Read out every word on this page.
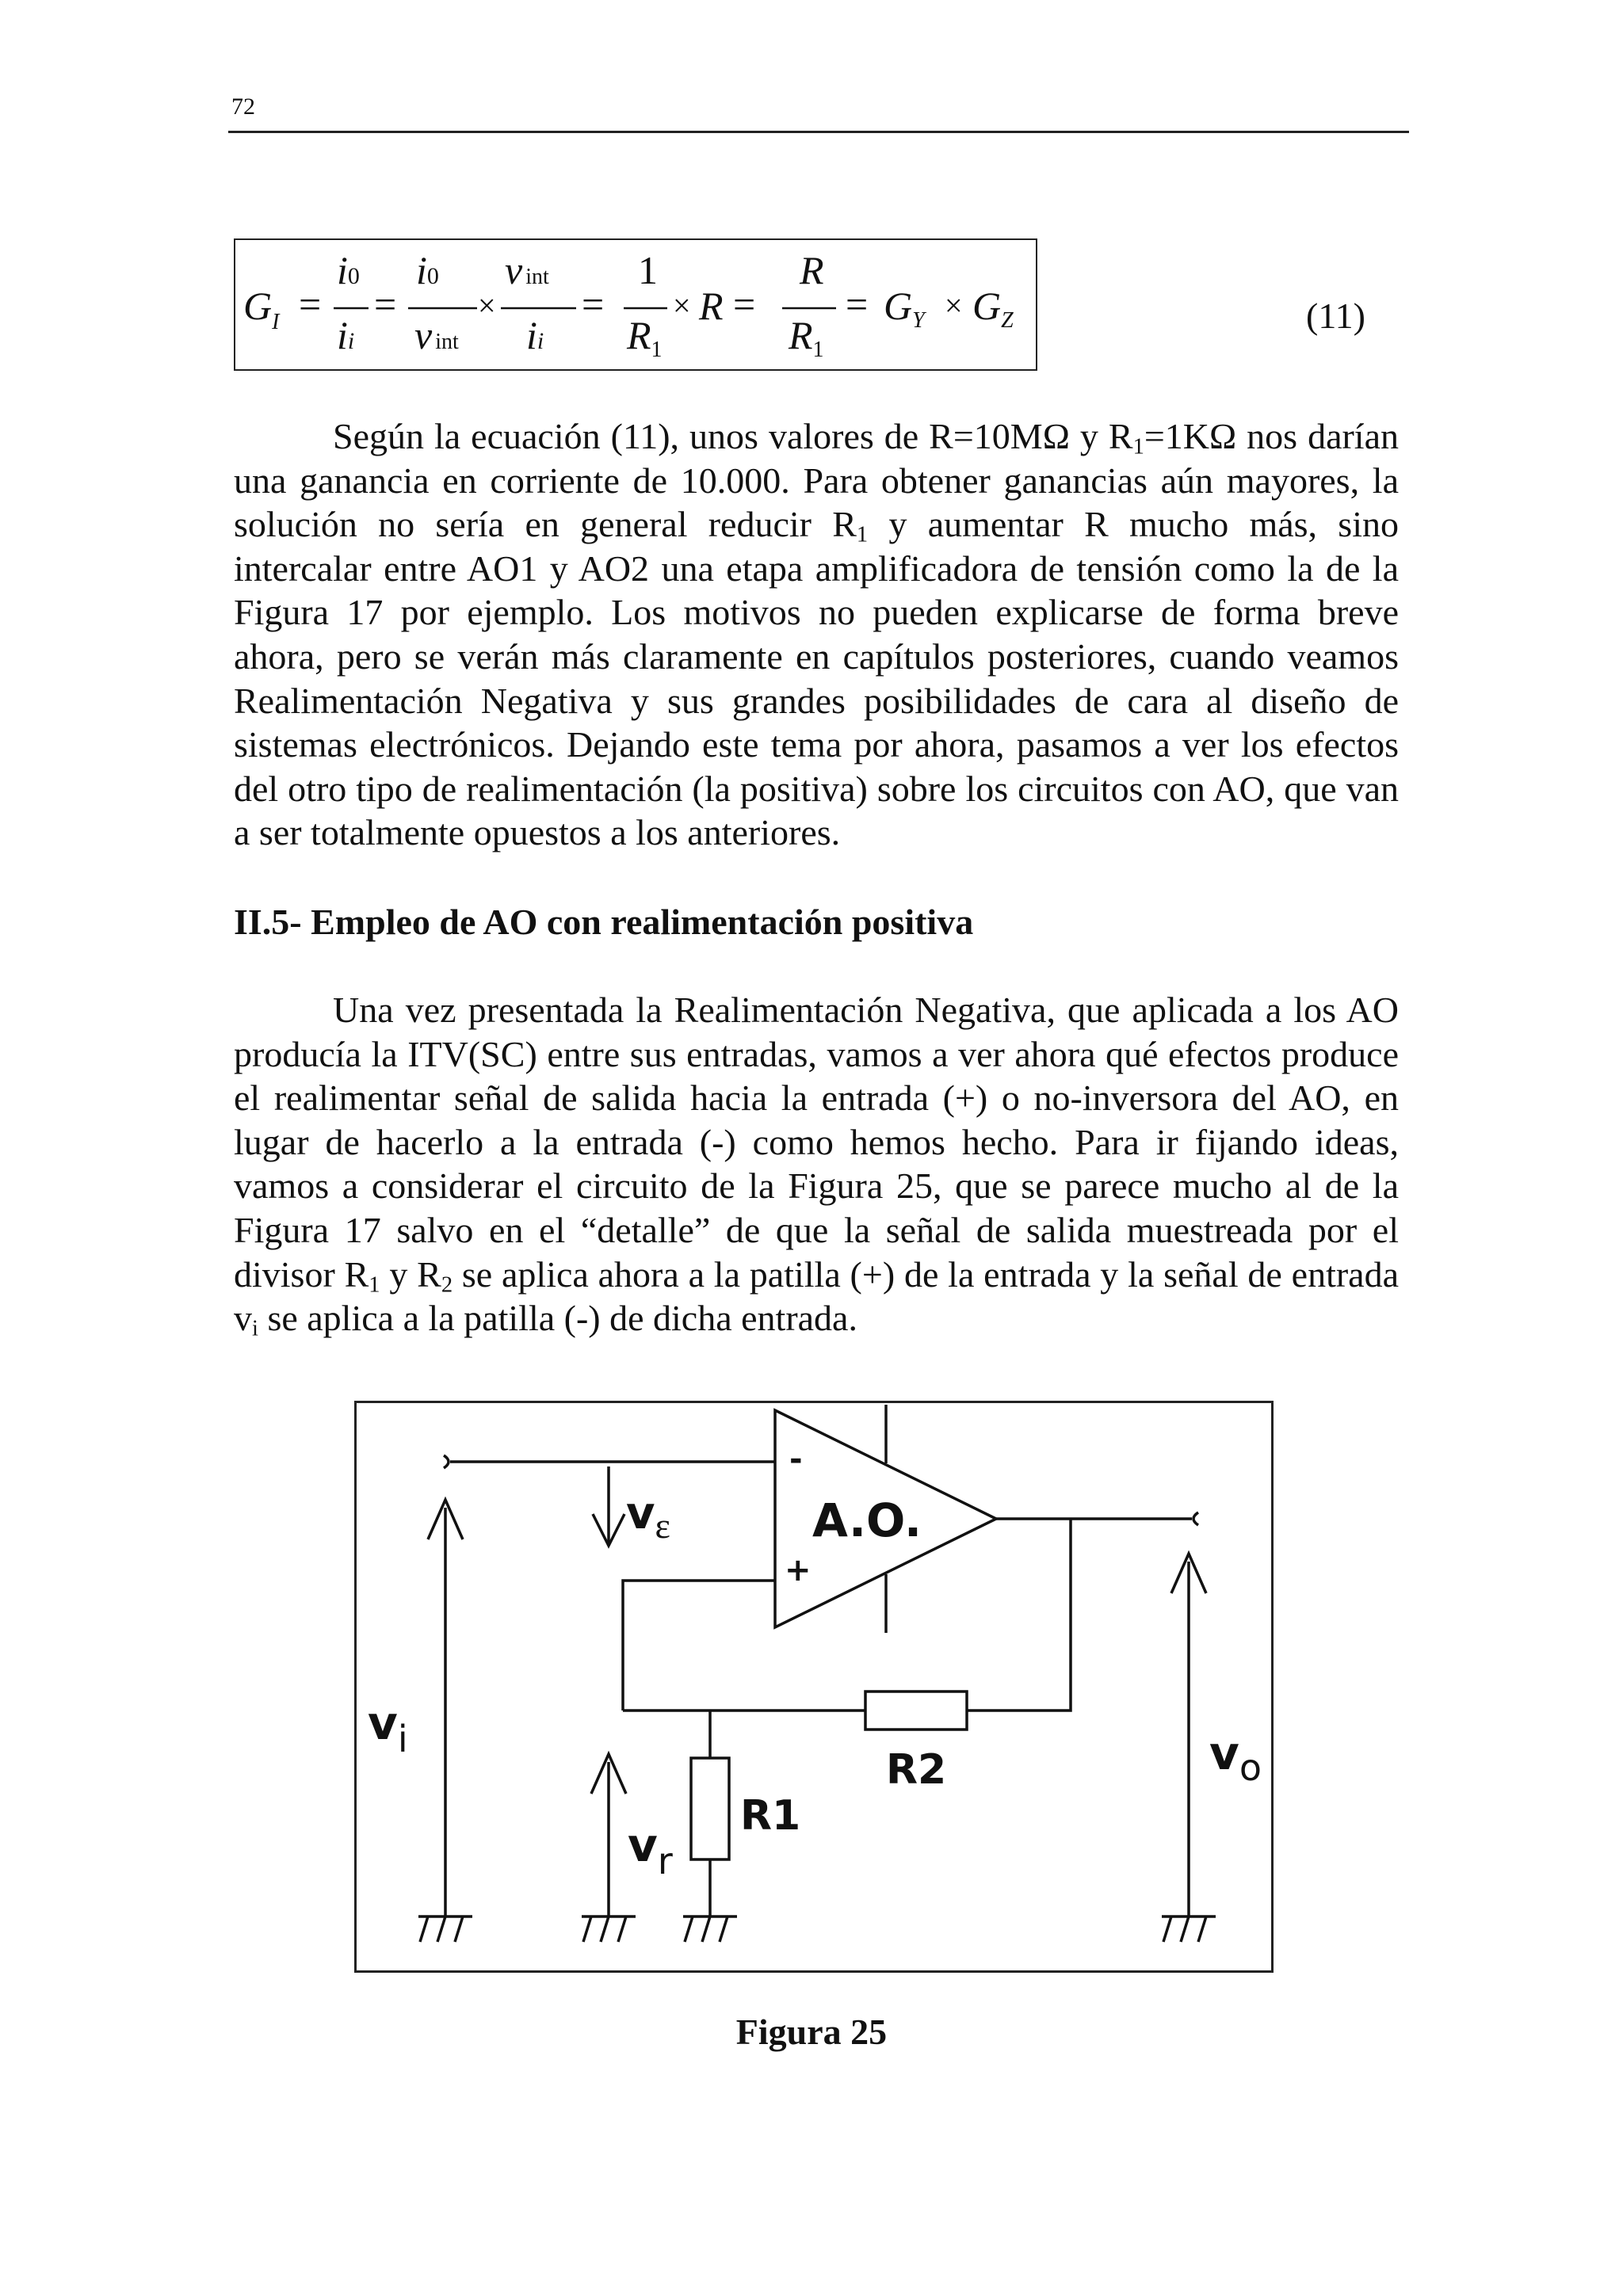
72
$G_I$ =
i0
ii
=
i0
vint
×
vint
ii
=
1
$R_1$
× R =
R
$R_1$
= $G_Y \times G_Z$	(11)

Según la ecuación (11), unos valores de R=10MΩ y $R_1=1K\Omega$ nos darían una ganancia en corriente de 10.000. Para obtener ganancias aún mayores, la solución no sería en general reducir $R_1$ y aumentar R mucho más, sino intercalar entre AO1 y AO2 una etapa amplificadora de tensión como la de la Figura 17 por ejemplo. Los motivos no pueden explicarse de forma breve ahora, pero se verán más claramente en capítulos posteriores, cuando veamos Realimentación Negativa y sus grandes posibilidades de cara al diseño de sistemas electrónicos. Dejando este tema por ahora, pasamos a ver los efectos del otro tipo de realimentación (la positiva) sobre los circuitos con AO, que van a ser totalmente opuestos a los anteriores.

II.5- Empleo de AO con realimentación positiva

Una vez presentada la Realimentación Negativa, que aplicada a los AO producía la ITV(SC) entre sus entradas, vamos a ver ahora qué efectos produce el realimentar señal de salida hacia la entrada (+) o no-inversora del AO, en lugar de hacerlo a la entrada (-) como hemos hecho. Para ir fijando ideas, vamos a considerar el circuito de la Figura 25, que se parece mucho al de la Figura 17 salvo en el “detalle” de que la señal de salida muestreada por el divisor $R_1$ y $R_2$ se aplica ahora a la patilla (+) de la entrada y la señal de entrada $v_i$ se aplica a la patilla (-) de dicha entrada.

A.O.
-
+
R2
R1
$v_\varepsilon$
$v_i$
$v_r$
$v_o$
Figura 25
